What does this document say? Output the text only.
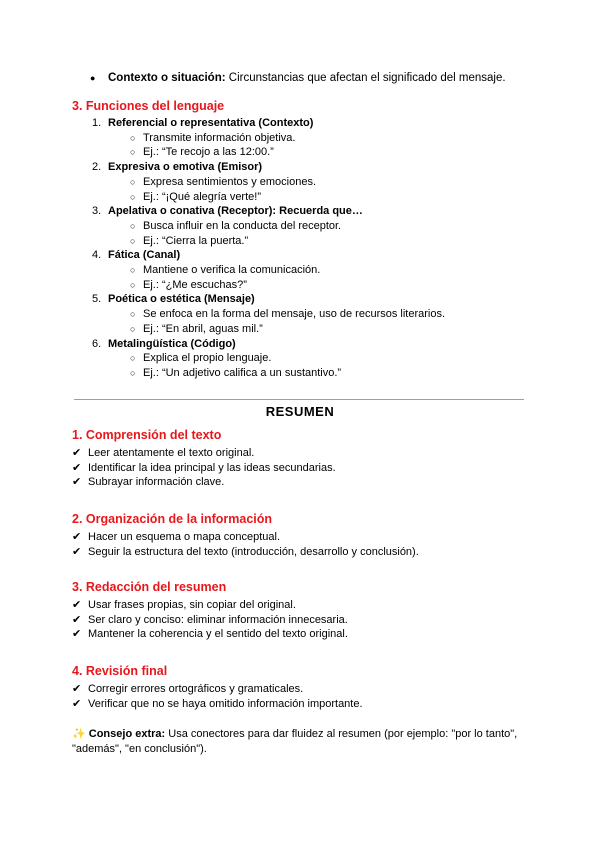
●	Contexto o situación: Circunstancias que afectan el significado del mensaje.
3. Funciones del lenguaje
1. Referencial o representativa (Contexto)
○ Transmite información objetiva.
○ Ej.: “Te recojo a las 12:00.”
2. Expresiva o emotiva (Emisor)
○ Expresa sentimientos y emociones.
○ Ej.: “¡Qué alegría verte!”
3. Apelativa o conativa (Receptor): Recuerda que…
○ Busca influir en la conducta del receptor.
○ Ej.: “Cierra la puerta.”
4. Fática (Canal)
○ Mantiene o verifica la comunicación.
○ Ej.: “¿Me escuchas?”
5. Poética o estética (Mensaje)
○ Se enfoca en la forma del mensaje, uso de recursos literarios.
○ Ej.: “En abril, aguas mil.”
6. Metalingüística (Código)
○ Explica el propio lenguaje.
○ Ej.: “Un adjetivo califica a un sustantivo.”
RESUMEN
1. Comprensión del texto
✔ Leer atentamente el texto original.
✔ Identificar la idea principal y las ideas secundarias.
✔ Subrayar información clave.
2. Organización de la información
✔ Hacer un esquema o mapa conceptual.
✔ Seguir la estructura del texto (introducción, desarrollo y conclusión).
3. Redacción del resumen
✔ Usar frases propias, sin copiar del original.
✔ Ser claro y conciso: eliminar información innecesaria.
✔ Mantener la coherencia y el sentido del texto original.
4. Revisión final
✔ Corregir errores ortográficos y gramaticales.
✔ Verificar que no se haya omitido información importante.
✨ Consejo extra: Usa conectores para dar fluidez al resumen (por ejemplo: "por lo tanto", "además", "en conclusión").
